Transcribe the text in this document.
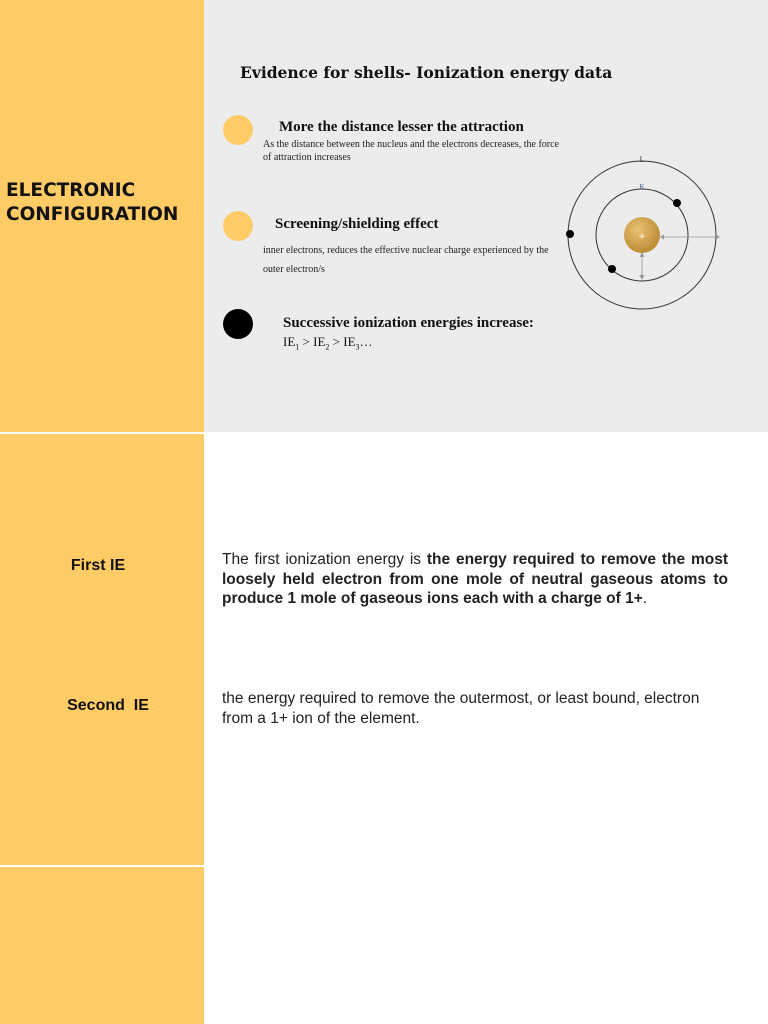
ELECTRONIC
CONFIGURATION
Evidence for shells- Ionization energy data

More the distance lesser the attraction

As the distance between the nucleus and the electrons decreases, the force of attraction increases

Screening/shielding effect

inner electrons, reduces the effective nuclear charge experienced by the outer electron/s

Successive ionization energies increase:

$IE_1 > IE_2$ > $IE_3\dots$
L
K
+

First IE	The first ionization energy is the energy required to remove the most loosely held electron from one mole of neutral gaseous atoms to produce 1 mole of gaseous ions each with a charge of 1+.

Second  IE	the energy required to remove the outermost, or least bound, electron from a 1+ ion of the element.
